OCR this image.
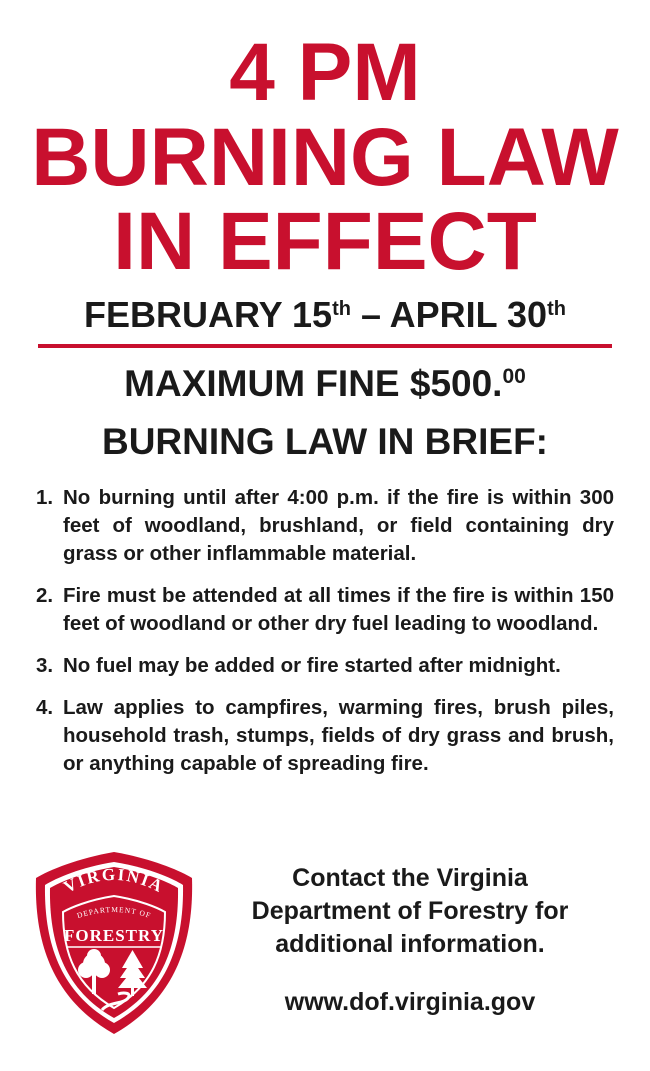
4 PM
BURNING LAW
IN EFFECT
FEBRUARY 15th – APRIL 30th
MAXIMUM FINE $500.00
BURNING LAW IN BRIEF:
1. No burning until after 4:00 p.m. if the fire is within 300 feet of woodland, brushland, or field containing dry grass or other inflammable material.
2. Fire must be attended at all times if the fire is within 150 feet of woodland or other dry fuel leading to woodland.
3. No fuel may be added or fire started after midnight.
4. Law applies to campfires, warming fires, brush piles, household trash, stumps, fields of dry grass and brush, or anything capable of spreading fire.
VIRGINIA
DEPARTMENT OF
FORESTRY
Contact the Virginia
Department of Forestry for
additional information.
www.dof.virginia.gov
